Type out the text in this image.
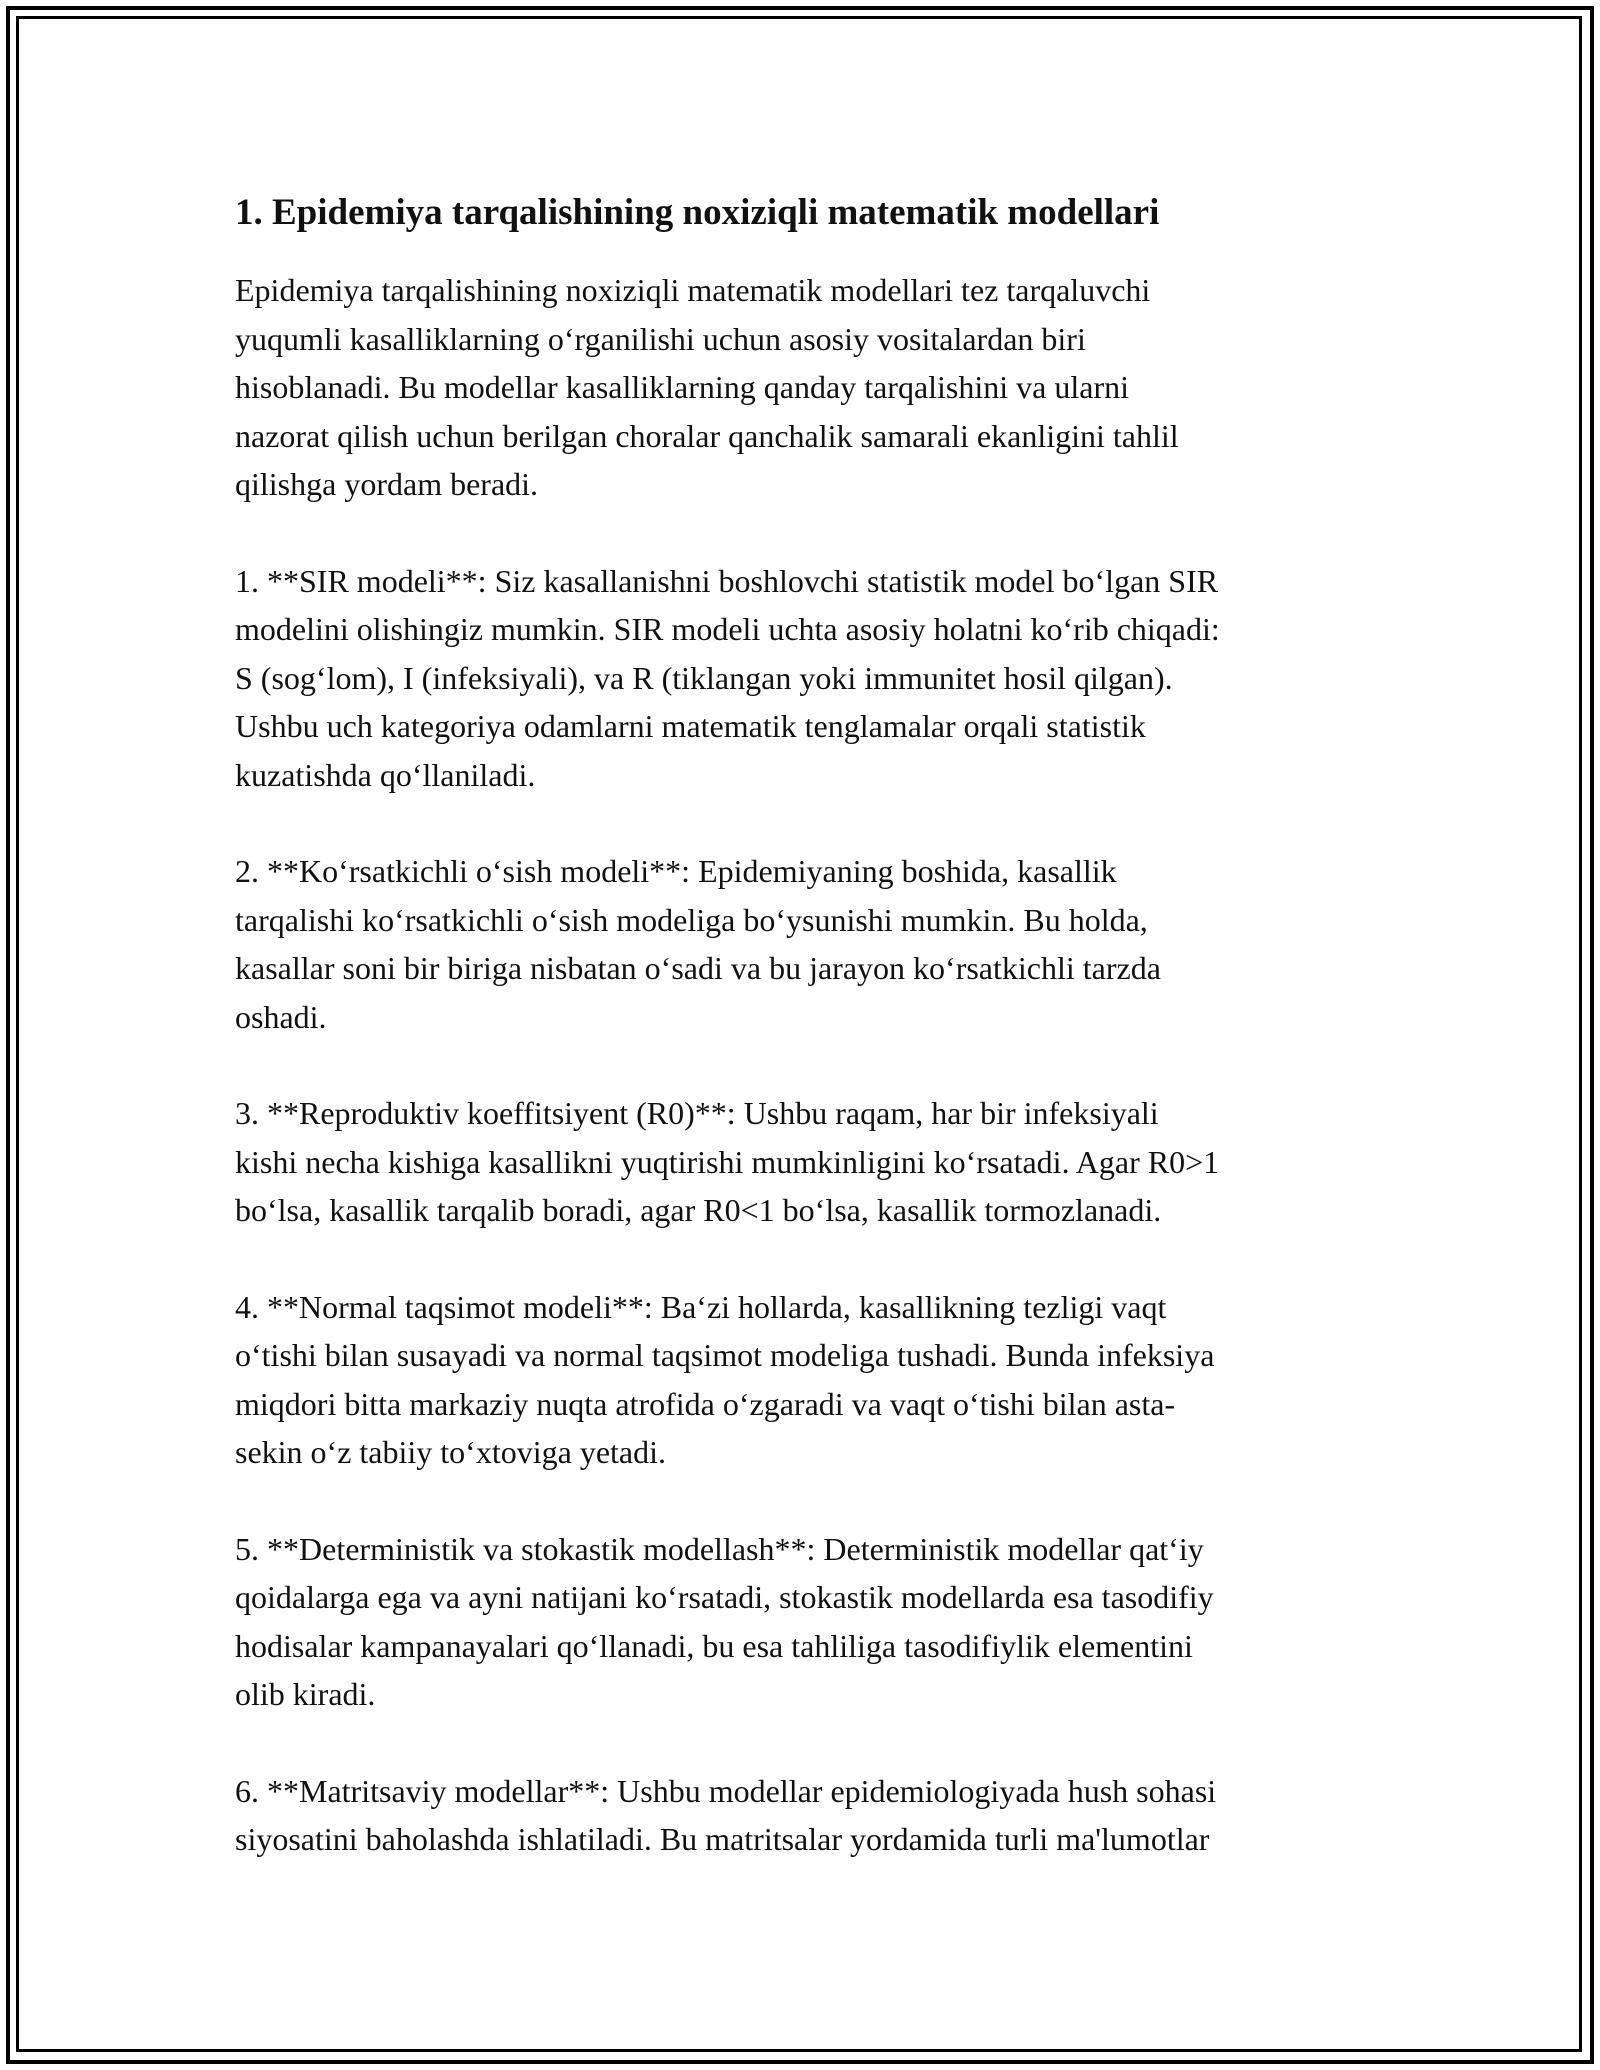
1. Epidemiya tarqalishining noxiziqli matematik modellari

Epidemiya tarqalishining noxiziqli matematik modellari tez tarqaluvchi
yuqumli kasalliklarning o‘rganilishi uchun asosiy vositalardan biri
hisoblanadi. Bu modellar kasalliklarning qanday tarqalishini va ularni
nazorat qilish uchun berilgan choralar qanchalik samarali ekanligini tahlil
qilishga yordam beradi.

1. **SIR modeli**: Siz kasallanishni boshlovchi statistik model bo‘lgan SIR
modelini olishingiz mumkin. SIR modeli uchta asosiy holatni ko‘rib chiqadi:
S (sog‘lom), I (infeksiyali), va R (tiklangan yoki immunitet hosil qilgan).
Ushbu uch kategoriya odamlarni matematik tenglamalar orqali statistik
kuzatishda qo‘llaniladi.

2. **Ko‘rsatkichli o‘sish modeli**: Epidemiyaning boshida, kasallik
tarqalishi ko‘rsatkichli o‘sish modeliga bo‘ysunishi mumkin. Bu holda,
kasallar soni bir biriga nisbatan o‘sadi va bu jarayon ko‘rsatkichli tarzda
oshadi.

3. **Reproduktiv koeffitsiyent (R0)**: Ushbu raqam, har bir infeksiyali
kishi necha kishiga kasallikni yuqtirishi mumkinligini ko‘rsatadi. Agar R0>1
bo‘lsa, kasallik tarqalib boradi, agar R0<1 bo‘lsa, kasallik tormozlanadi.

4. **Normal taqsimot modeli**: Ba‘zi hollarda, kasallikning tezligi vaqt
o‘tishi bilan susayadi va normal taqsimot modeliga tushadi. Bunda infeksiya
miqdori bitta markaziy nuqta atrofida o‘zgaradi va vaqt o‘tishi bilan asta-
sekin o‘z tabiiy to‘xtoviga yetadi.

5. **Deterministik va stokastik modellash**: Deterministik modellar qat‘iy
qoidalarga ega va ayni natijani ko‘rsatadi, stokastik modellarda esa tasodifiy
hodisalar kampanayalari qo‘llanadi, bu esa tahliliga tasodifiylik elementini
olib kiradi.

6. **Matritsaviy modellar**: Ushbu modellar epidemiologiyada hush sohasi
siyosatini baholashda ishlatiladi. Bu matritsalar yordamida turli ma'lumotlar
